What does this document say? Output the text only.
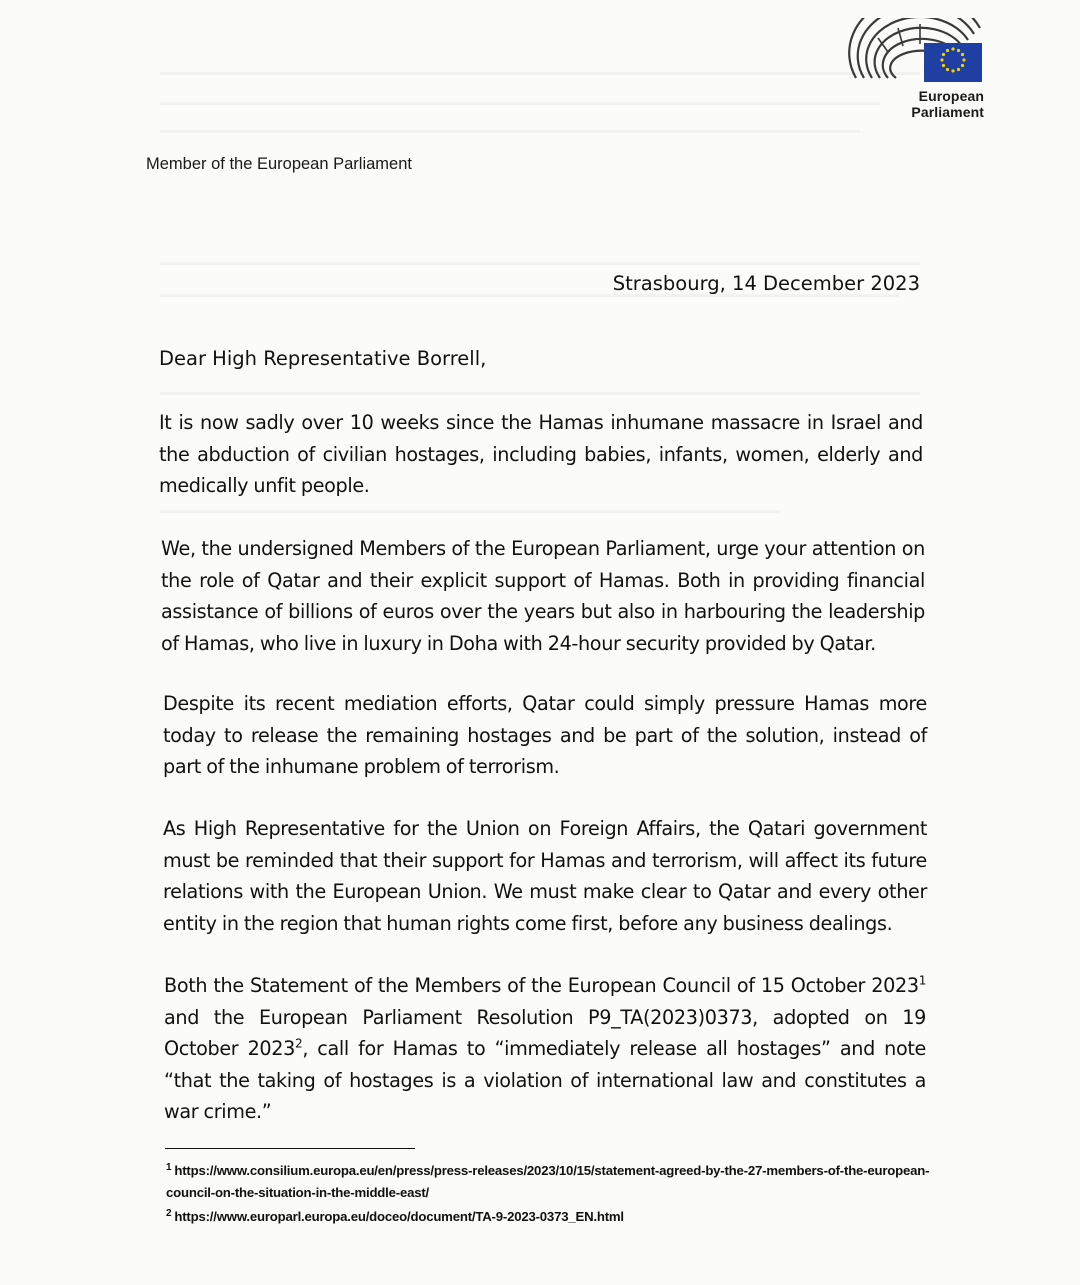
European Parliament
Member of the European Parliament
Strasbourg, 14 December 2023
Dear High Representative Borrell,
It is now sadly over 10 weeks since the Hamas inhumane massacre in Israel and the abduction of civilian hostages, including babies, infants, women, elderly and medically unfit people.
We, the undersigned Members of the European Parliament, urge your attention on the role of Qatar and their explicit support of Hamas. Both in providing financial assistance of billions of euros over the years but also in harbouring the leadership of Hamas, who live in luxury in Doha with 24-hour security provided by Qatar.
Despite its recent mediation efforts, Qatar could simply pressure Hamas more today to release the remaining hostages and be part of the solution, instead of part of the inhumane problem of terrorism.
As High Representative for the Union on Foreign Affairs, the Qatari government must be reminded that their support for Hamas and terrorism, will affect its future relations with the European Union. We must make clear to Qatar and every other entity in the region that human rights come first, before any business dealings.
Both the Statement of the Members of the European Council of 15 October 2023$^1$ and the European Parliament Resolution P9_TA(2023)0373, adopted on 19 October 2023$^2$, call for Hamas to “immediately release all hostages” and note “that the taking of hostages is a violation of international law and constitutes a war crime.”
$^1$ https://www.consilium.europa.eu/en/press/press-releases/2023/10/15/statement-agreed-by-the-27-members-of-the-european-council-on-the-situation-in-the-middle-east/
$^2$ https://www.europarl.europa.eu/doceo/document/TA-9-2023-0373_EN.html
